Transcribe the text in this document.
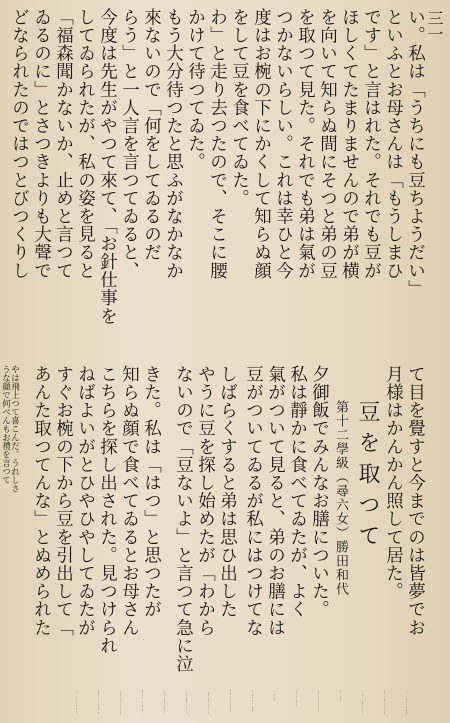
三一
い。私は「うちにも豆ちようだい」
といふとお母さんは「もうしまひ
です」と言はれた。それでも豆が
ほしくてたまりませんので弟が横
を向いて知らぬ間にそつと弟の豆
を取つて見た。それでも弟は氣が
つかないらしい。これは幸ひと今
度はお椀の下にかくして知らぬ顔
をして豆を食べてゐた。
わ」と走り去つたので、そこに腰
かけて待つてゐた。
もう大分待つたと思ふがなかなか
來ないので「何をしてゐるのだ
らう」と一人言を言つてゐると、
今度は先生がやつて來て、「お針仕事を
してゐられたが、私の姿を見ると
「福森聞かないか、止めと言つて
ゐるのに」とさつきよりも大聲で
どなられたのではつとびつくりし
て目を覺すと今までのは皆夢でお
月様はかんかん照して居た。
豆を取つて
第十二學級（尋六女）勝田和代
夕御飯でみんなお膳についた。
私は靜かに食べてゐたが、よく
氣がついて見ると、弟のお膳には
豆がついてゐるが私にはつけてな
しばらくすると弟は思ひ出した
やうに豆を探し始めたが「わから
ないので「豆ないよ」と言つて急に泣
きた。私は「はつ」と思つたが
知らぬ顔で食べてゐるとお母さん
こちらを探し出された。見つけられ
ねばよいがとひやひやしてゐたが
すぐお椀の下から豆を引出して「
あんた取つてんな」とぬめられた
やは飛上つて喜こんだ。うれしさ
うな顔で何べんもお禮を言つて
いそいそと出て行くねいやの後姿
を見送つた山本さんは「もつとね
いやを困らしたら面白かつたのに
なあ」と笑はれた。
けれどもねいやはまだからかは
れた事を少しも知らない。
先生に叱られて
第十二學級（尋六女）福森松代
弟と劇をしてゐると狩田先生が
一生懸命に椅を運んでいらつしや
る。急に「福森何をしてゐるんだ
こんなあかん點を取つてゐながら
勉強しないか」と言はれたけれど
もそんな事には耳もかさないで弟
と劇を續けてゐたが急に弟が「姉
ちやん、ちよつとお湯飲んで來る
